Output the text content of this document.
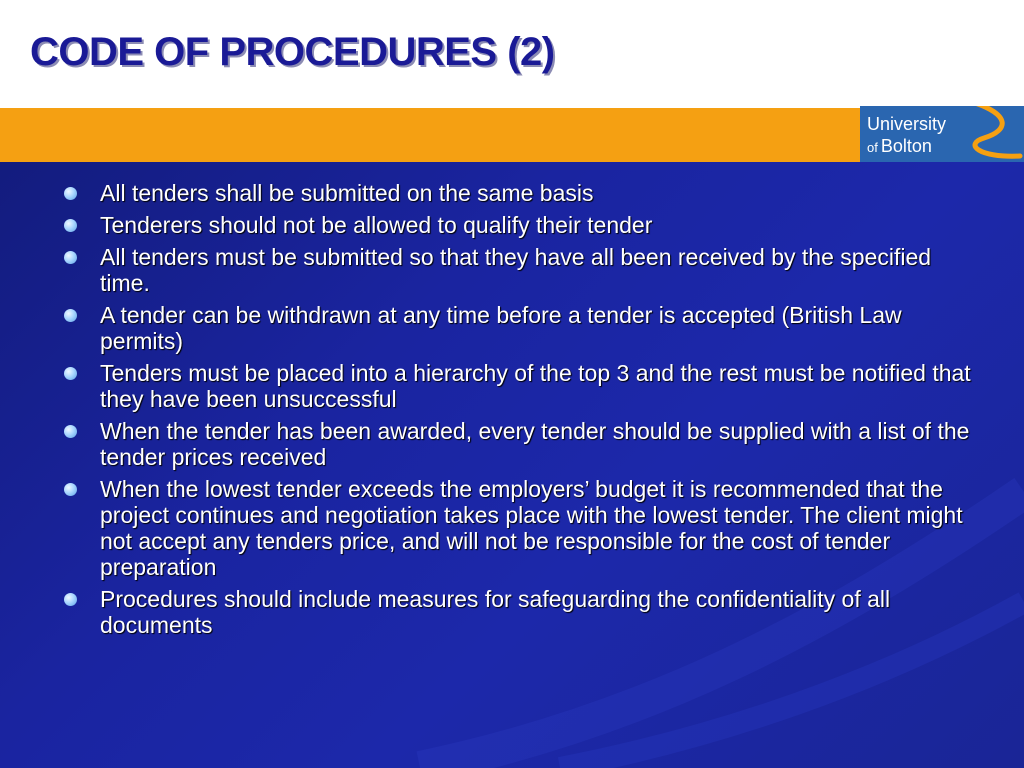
CODE OF PROCEDURES (2)
University
of Bolton
All tenders shall be submitted on the same basis
Tenderers should not be allowed to qualify their tender
All tenders must be submitted so that they have all been received by the specified time.
A tender can be withdrawn at any time before a tender is accepted (British Law permits)
Tenders must be placed into a hierarchy of the top 3 and the rest must be notified that they have been unsuccessful
When the tender has been awarded, every tender should be supplied with a list of the tender prices received
When the lowest tender exceeds the employers’ budget it is recommended that the project continues and negotiation takes place with the lowest tender. The client might not accept any tenders price, and will not be responsible for the cost of tender preparation
Procedures should include measures for safeguarding the confidentiality of all documents
